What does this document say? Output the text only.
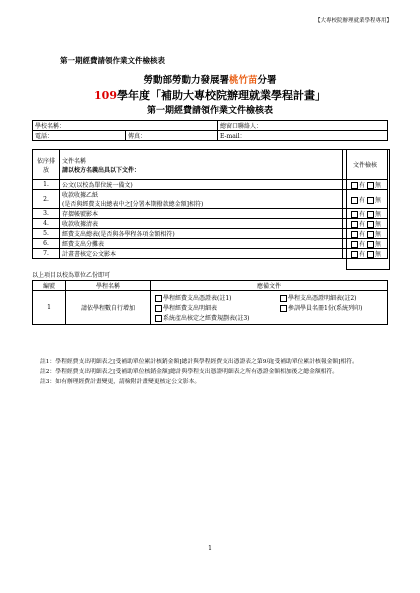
【大專校院辦理就業學程專用】
第一期經費請領作業文件檢核表
勞動部勞動力發展署桃竹苗分署
109學年度「補助大專校院辦理就業學程計畫」
第一期經費請領作業文件檢核表
學校名稱：		總窗口聯絡人：
電話：	傳真：	E-mail：
依序排放	文件名稱
請以校方名義出具以下文件：	文件檢核
1.	公文(以校為單位統一備文)	有 無
2.	收款收據乙紙
(是否與經費支出總表中之[分署本期撥款總金額]相符)	有 無
3.	存摺帳號影本	有 無
4.	收款收據清表	有 無
5.	經費支出總表(是否與各學程各項金額相符)	有 無
6.	經費支出分攤表	有 無
7.	計畫書核定公文影本	有 無
以上項目以校為單位乙份即可
編號	學程名稱	應備文件
1	請依學程數自行增加	學程經費支出憑證表(註1) 學程支出憑證明細表(註2)
學程經費支出明細表 參訓學員名冊1份(系統列印)
系統產出核定之經費規劃表(註3)
註1：學程經費支出明細表之[受補助單位累計核銷金額]總計與學程經費支出憑證表之第9項[受補助單位累計核報金額]相符。
註2：學程經費支出明細表之[受補助單位核銷金額]總計與學程支出憑證明細表之所有憑證金額相加後之總金額相符。
註3：如有辦理經費計畫變更，請檢附計畫變更核定公文影本。
1
